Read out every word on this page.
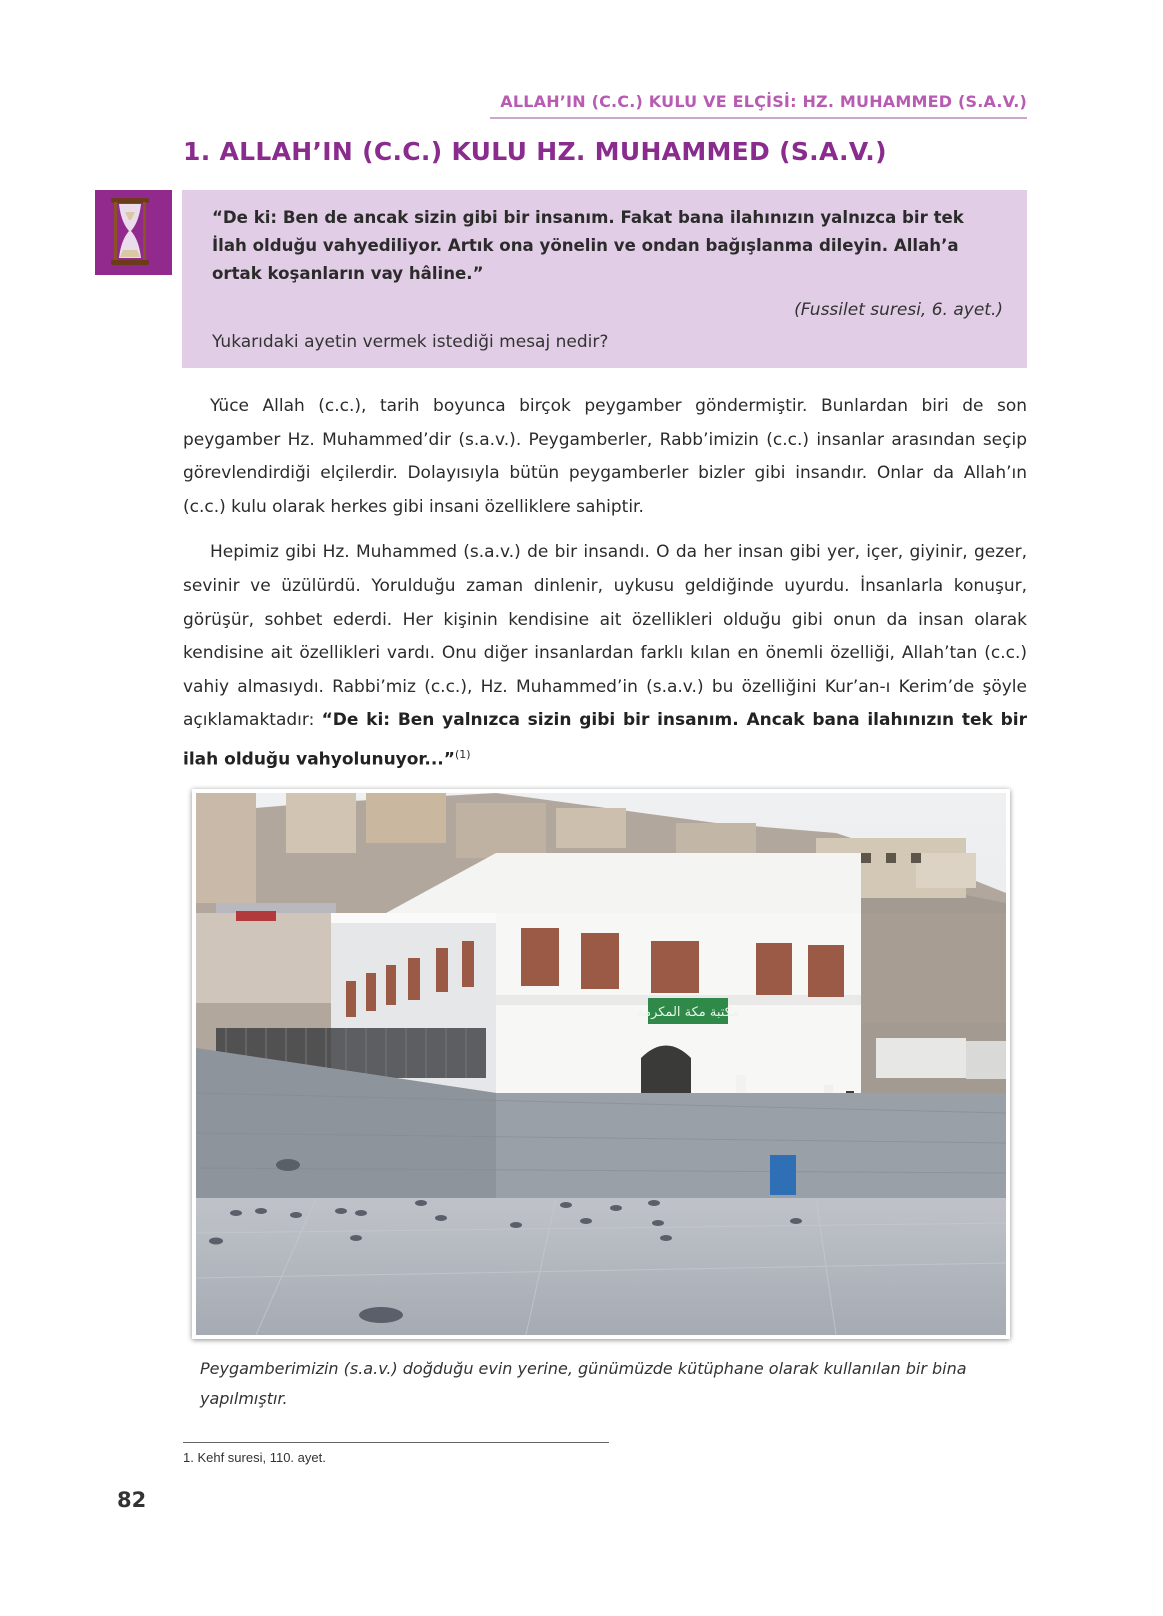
ALLAH’IN (C.C.) KULU VE ELÇİSİ: HZ. MUHAMMED (S.A.V.)
1. ALLAH’IN (C.C.) KULU HZ. MUHAMMED (S.A.V.)

“De ki: Ben de ancak sizin gibi bir insanım. Fakat bana ilahınızın yalnızca bir tek İlah olduğu vahyediliyor. Artık ona yönelin ve ondan bağışlanma dileyin. Allah’a ortak koşanların vay hâline.”

(Fussilet suresi, 6. ayet.)

Yukarıdaki ayetin vermek istediği mesaj nedir?

Yüce Allah (c.c.), tarih boyunca birçok peygamber göndermiştir. Bunlardan biri de son peygamber Hz. Muhammed’dir (s.a.v.). Peygamberler, Rabb’imizin (c.c.) insanlar arasından seçip görevlendirdiği elçilerdir. Dolayısıyla bütün peygamberler bizler gibi insandır. Onlar da Allah’ın (c.c.) kulu olarak herkes gibi insani özelliklere sahiptir.

Hepimiz gibi Hz. Muhammed (s.a.v.) de bir insandı. O da her insan gibi yer, içer, giyinir, gezer, sevinir ve üzülürdü. Yorulduğu zaman dinlenir, uykusu geldiğinde uyurdu. İnsanlarla konuşur, görüşür, sohbet ederdi. Her kişinin kendisine ait özellikleri olduğu gibi onun da insan olarak kendisine ait özellikleri vardı. Onu diğer insanlardan farklı kılan en önemli özelliği, Allah’tan (c.c.) vahiy almasıydı. Rabbi’miz (c.c.), Hz. Muhammed’in (s.a.v.) bu özelliğini Kur’an-ı Kerim’de şöyle açıklamaktadır: “De ki: Ben yalnızca sizin gibi bir insanım. Ancak bana ilahınızın tek bir ilah olduğu vahyolunuyor...”$^{(1)}$

مكتبة مكة المكرمة

Peygamberimizin (s.a.v.) doğduğu evin yerine, günümüzde kütüphane olarak kullanılan bir bina yapılmıştır.

1. Kehf suresi, 110. ayet.

82
